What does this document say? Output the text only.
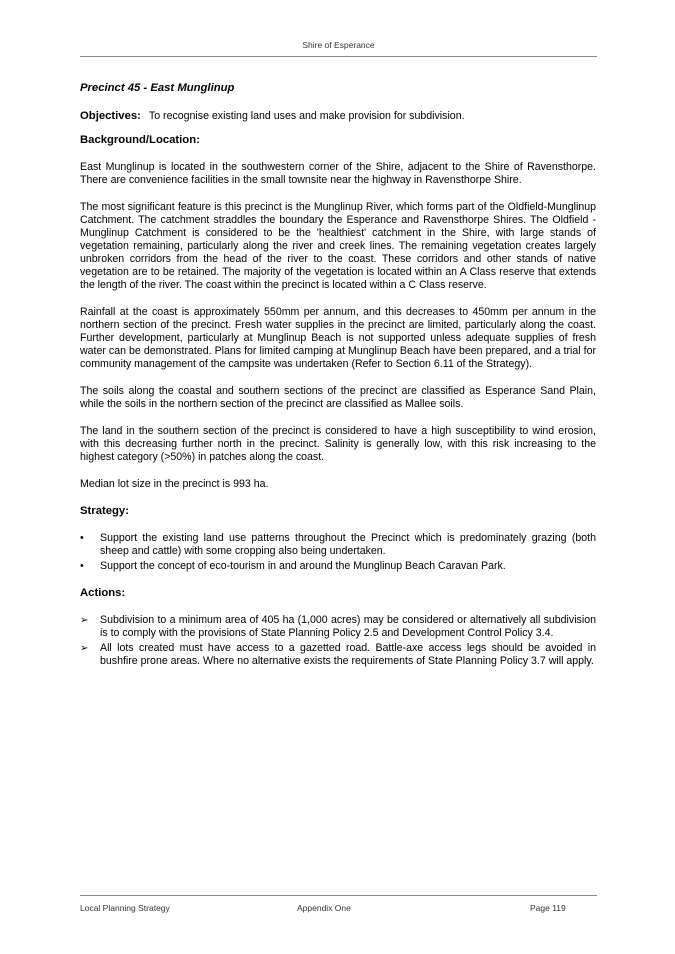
Shire of Esperance
Precinct 45 - East Munglinup
Objectives: To recognise existing land uses and make provision for subdivision.
Background/Location:

East Munglinup is located in the southwestern corner of the Shire, adjacent to the Shire of Ravensthorpe. There are convenience facilities in the small townsite near the highway in Ravensthorpe Shire.

The most significant feature is this precinct is the Munglinup River, which forms part of the Oldfield-Munglinup Catchment. The catchment straddles the boundary the Esperance and Ravensthorpe Shires. The Oldfield - Munglinup Catchment is considered to be the 'healthiest' catchment in the Shire, with large stands of vegetation remaining, particularly along the river and creek lines. The remaining vegetation creates largely unbroken corridors from the head of the river to the coast. These corridors and other stands of native vegetation are to be retained. The majority of the vegetation is located within an A Class reserve that extends the length of the river. The coast within the precinct is located within a C Class reserve.

Rainfall at the coast is approximately 550mm per annum, and this decreases to 450mm per annum in the northern section of the precinct. Fresh water supplies in the precinct are limited, particularly along the coast. Further development, particularly at Munglinup Beach is not supported unless adequate supplies of fresh water can be demonstrated. Plans for limited camping at Munglinup Beach have been prepared, and a trial for community management of the campsite was undertaken (Refer to Section 6.11 of the Strategy).

The soils along the coastal and southern sections of the precinct are classified as Esperance Sand Plain, while the soils in the northern section of the precinct are classified as Mallee soils.

The land in the southern section of the precinct is considered to have a high susceptibility to wind erosion, with this decreasing further north in the precinct. Salinity is generally low, with this risk increasing to the highest category (>50%) in patches along the coast.

Median lot size in the precinct is 993 ha.

Strategy:
• Support the existing land use patterns throughout the Precinct which is predominately grazing (both sheep and cattle) with some cropping also being undertaken.
• Support the concept of eco-tourism in and around the Munglinup Beach Caravan Park.
Actions:
➢ Subdivision to a minimum area of 405 ha (1,000 acres) may be considered or alternatively all subdivision is to comply with the provisions of State Planning Policy 2.5 and Development Control Policy 3.4.
➢ All lots created must have access to a gazetted road. Battle-axe access legs should be avoided in bushfire prone areas. Where no alternative exists the requirements of State Planning Policy 3.7 will apply.
Local Planning Strategy	Appendix One	Page 119
